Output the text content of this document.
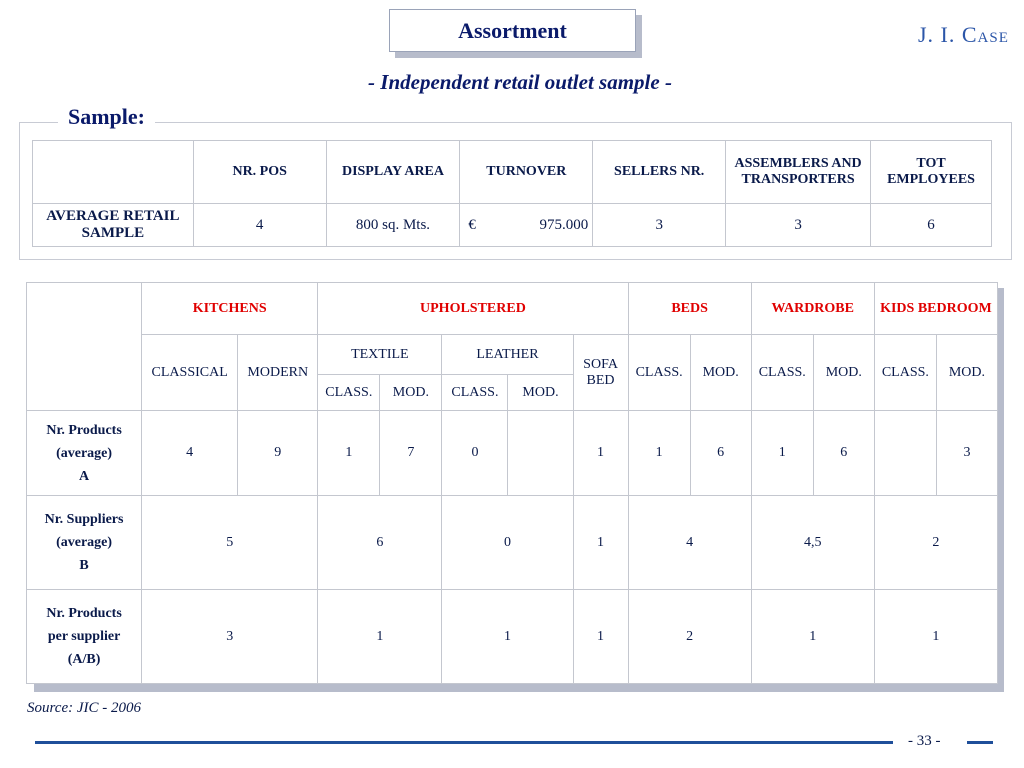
Assortment	J. I. Case
- Independent retail outlet sample -
Sample:
	NR. POS	DISPLAY AREA	TURNOVER	SELLERS NR.	ASSEMBLERS AND TRANSPORTERS	TOT EMPLOYEES
AVERAGE RETAIL SAMPLE	4	800 sq. Mts.	€ 975.000	3	3	6
	KITCHENS		UPHOLSTERED					BEDS		WARDROBE		KIDS BEDROOM	
	CLASSICAL	MODERN	TEXTILE		LEATHER		SOFA BED	CLASS.	MOD.	CLASS.	MOD.	CLASS.	MOD.
			CLASS.	MOD.	CLASS.	MOD.							

Nr. Products
(average)
A	4	9	1	7	0		1	1	6	1	6		3

Nr. Suppliers
(average)
B	5		6		0		1	4		4,5		2	

Nr. Products
per supplier
(A/B)	3		1		1		1	2		1		1	
Source: JIC - 2006
- 33 -
